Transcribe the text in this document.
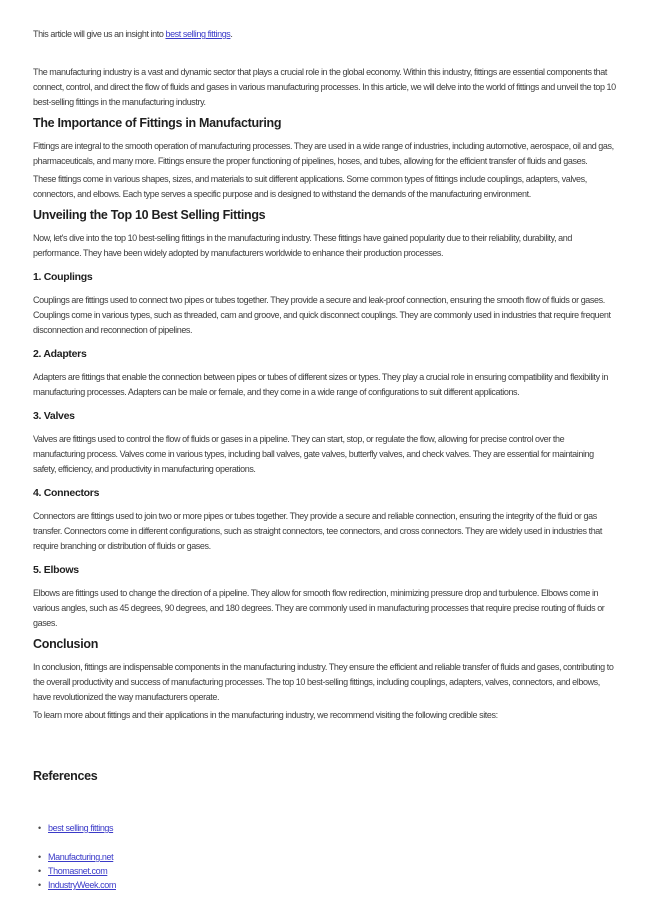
This article will give us an insight into best selling fittings.

The manufacturing industry is a vast and dynamic sector that plays a crucial role in the global economy. Within this industry, fittings are essential components that connect, control, and direct the flow of fluids and gases in various manufacturing processes. In this article, we will delve into the world of fittings and unveil the top 10 best-selling fittings in the manufacturing industry.

The Importance of Fittings in Manufacturing

Fittings are integral to the smooth operation of manufacturing processes. They are used in a wide range of industries, including automotive, aerospace, oil and gas, pharmaceuticals, and many more. Fittings ensure the proper functioning of pipelines, hoses, and tubes, allowing for the efficient transfer of fluids and gases.

These fittings come in various shapes, sizes, and materials to suit different applications. Some common types of fittings include couplings, adapters, valves, connectors, and elbows. Each type serves a specific purpose and is designed to withstand the demands of the manufacturing environment.

Unveiling the Top 10 Best Selling Fittings

Now, let's dive into the top 10 best-selling fittings in the manufacturing industry. These fittings have gained popularity due to their reliability, durability, and performance. They have been widely adopted by manufacturers worldwide to enhance their production processes.

1. Couplings

Couplings are fittings used to connect two pipes or tubes together. They provide a secure and leak-proof connection, ensuring the smooth flow of fluids or gases. Couplings come in various types, such as threaded, cam and groove, and quick disconnect couplings. They are commonly used in industries that require frequent disconnection and reconnection of pipelines.

2. Adapters

Adapters are fittings that enable the connection between pipes or tubes of different sizes or types. They play a crucial role in ensuring compatibility and flexibility in manufacturing processes. Adapters can be male or female, and they come in a wide range of configurations to suit different applications.

3. Valves

Valves are fittings used to control the flow of fluids or gases in a pipeline. They can start, stop, or regulate the flow, allowing for precise control over the manufacturing process. Valves come in various types, including ball valves, gate valves, butterfly valves, and check valves. They are essential for maintaining safety, efficiency, and productivity in manufacturing operations.

4. Connectors

Connectors are fittings used to join two or more pipes or tubes together. They provide a secure and reliable connection, ensuring the integrity of the fluid or gas transfer. Connectors come in different configurations, such as straight connectors, tee connectors, and cross connectors. They are widely used in industries that require branching or distribution of fluids or gases.

5. Elbows

Elbows are fittings used to change the direction of a pipeline. They allow for smooth flow redirection, minimizing pressure drop and turbulence. Elbows come in various angles, such as 45 degrees, 90 degrees, and 180 degrees. They are commonly used in manufacturing processes that require precise routing of fluids or gases.

Conclusion

In conclusion, fittings are indispensable components in the manufacturing industry. They ensure the efficient and reliable transfer of fluids and gases, contributing to the overall productivity and success of manufacturing processes. The top 10 best-selling fittings, including couplings, adapters, valves, connectors, and elbows, have revolutionized the way manufacturers operate.

To learn more about fittings and their applications in the manufacturing industry, we recommend visiting the following credible sites:

References
• best selling fittings
• Manufacturing.net
• Thomasnet.com
• IndustryWeek.com
